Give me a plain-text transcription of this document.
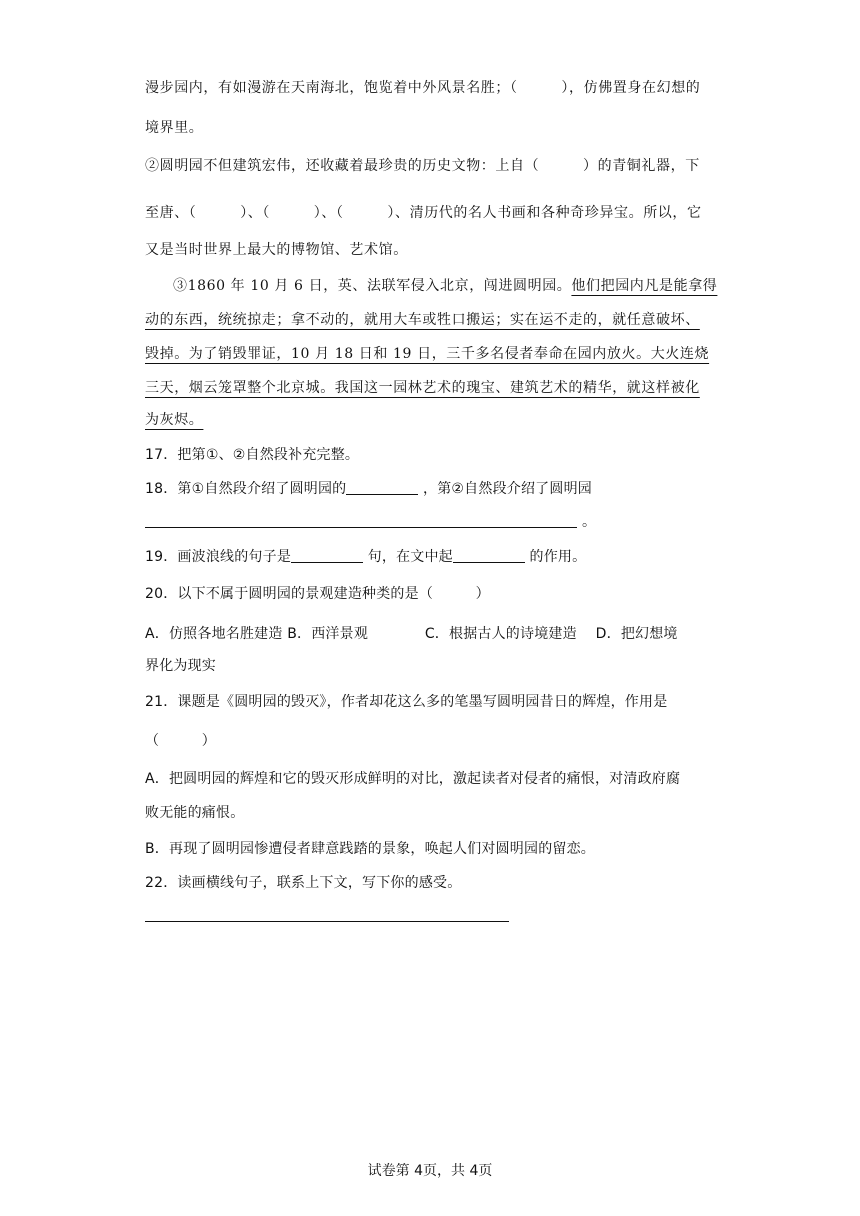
漫步园内，有如漫游在天南海北，饱览着中外风景名胜；（　　　），仿佛置身在幻想的
境界里。
②圆明园不但建筑宏伟，还收藏着最珍贵的历史文物：上自（　　　）的青铜礼器，下
至唐、（　　　）、（　　　）、（　　　）、清历代的名人书画和各种奇珍异宝。所以，它
又是当时世界上最大的博物馆、艺术馆。
③1860 年 10 月 6 日，英、法联军侵入北京，闯进圆明园。他们把园内凡是能拿得
动的东西，统统掠走；拿不动的，就用大车或牲口搬运；实在运不走的，就任意破坏、
毁掉。为了销毁罪证，10 月 18 日和 19 日，三千多名侵者奉命在园内放火。大火连烧
三天，烟云笼罩整个北京城。我国这一园林艺术的瑰宝、建筑艺术的精华，就这样被化
为灰烬。
17．把第①、②自然段补充完整。
18．第①自然段介绍了圆明园的	，第②自然段介绍了圆明园
。
19．画波浪线的句子是	句，在文中起	的作用。
20．以下不属于圆明园的景观建造种类的是（　　　）
A．仿照各地名胜建造 B．西洋景观　　　　C．根据古人的诗境建造　 D．把幻想境
界化为现实
21．课题是《圆明园的毁灭》，作者却花这么多的笔墨写圆明园昔日的辉煌，作用是
（　　　）
A．把圆明园的辉煌和它的毁灭形成鲜明的对比，激起读者对侵者的痛恨，对清政府腐
败无能的痛恨。
B．再现了圆明园惨遭侵者肆意践踏的景象，唤起人们对圆明园的留恋。
22．读画横线句子，联系上下文，写下你的感受。
试卷第 4页，共 4页
